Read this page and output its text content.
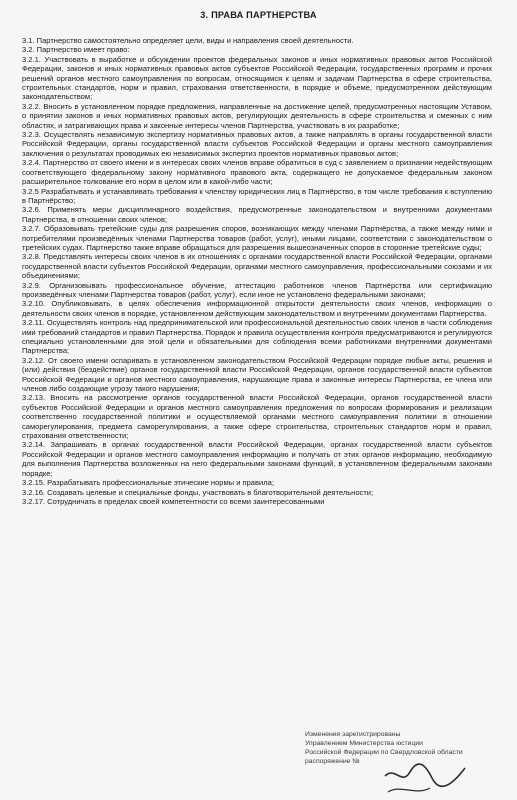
3. ПРАВА ПАРТНЕРСТВА

3.1. Партнерство самостоятельно определяет цели, виды и направления своей деятельности.

3.2. Партнерство имеет право:

3.2.1. Участвовать в выработке и обсуждении проектов федеральных законов и иных нормативных правовых актов Российской Федерации, законов и иных нормативных правовых актов субъектов Российской Федерации, государственных программ и прочих решений органов местного самоуправления по вопросам, относящимся к целям и задачам Партнерства в сфере строительства, строительных стандартов, норм и правил, страхования ответственности, в порядке и объеме, предусмотренном действующим законодательством;

3.2.2. Вносить в установленном порядке предложения, направленные на достижение целей, предусмотренных настоящим Уставом, о принятии законов и иных нормативных правовых актов, регулирующих деятельность в сфере строительства и смежных с ним областях, и затрагивающих права и законные интересы членов Партнерства, участвовать в их разработке;

3.2.3. Осуществлять независимую экспертизу нормативных правовых актов, а также направлять в органы государственной власти Российской Федерации, органы государственной власти субъектов Российской Федерации и органы местного самоуправления заключения о результатах проводимых ею независимых экспертиз проектов нормативных правовых актов;

3.2.4. Партнерство от своего имени и в интересах своих членов вправе обратиться в суд с заявлением о признании недействующим соответствующего федеральному закону нормативного правового акта, содержащего не допускаемое федеральным законом расширительное толкование его норм в целом или в какой-либо части;

3.2.5 Разрабатывать и устанавливать требования к членству юридических лиц в Партнёрство, в том числе требования к вступлению в Партнёрство;

3.2.6. Применять меры дисциплинарного воздействия, предусмотренные законодательством и внутренними документами Партнерства, в отношении своих членов;

3.2.7. Образовывать третейские суды для разрешения споров, возникающих между членами Партнёрства, а также между ними и потребителями произведённых членами Партнерства товаров (работ, услуг), иными лицами, соответствии с законодательством о третейских судах. Партнерство также вправе обращаться для разрешения вышеозначенных споров в сторонние третейские суды;

3.2.8. Представлять интересы своих членов в их отношениях с органами государственной власти Российской Федерации, органами государственной власти субъектов Российской Федерации, органами местного самоуправления, профессиональными союзами и их объединениями;

3.2.9. Организовывать профессиональное обучение, аттестацию работников членов Партнёрства или сертификацию произведённых членами Партнерства товаров (работ, услуг), если иное не установлено федеральными законами;

3.2.10. Опубликовывать, в целях обеспечения информационной открытости деятельности своих членов, информацию о деятельности своих членов в порядке, установленном действующим законодательством и внутренними документами Партнерства.

3.2.11. Осуществлять контроль над предпринимательской или профессиональной деятельностью своих членов в части соблюдения ими требований стандартов и правил Партнерства. Порядок и правила осуществления контроля предусматриваются и регулируются специально установленными для этой цели и обязательными для соблюдения всеми работниками внутренними документами Партнерства;

3.2.12. От своего имени оспаривать в установленном законодательством Российской Федерации порядке любые акты, решения и (или) действия (бездействие) органов государственной власти Российской Федерации, органов государственной власти субъектов Российской Федерации и органов местного самоуправления, нарушающие права и законные интересы Партнерства, ее члена или членов либо создающие угрозу такого нарушения;

3.2.13. Вносить на рассмотрение органов государственной власти Российской Федерации, органов государственной власти субъектов Российской Федерации и органов местного самоуправления предложения по вопросам формирования и реализации соответственно государственной политики и осуществляемой органами местного самоуправления политики в отношении саморегулирования, предмета саморегулирования, а также сфере строительства, строительных стандартов норм и правил, страхования ответственности;

3.2.14. Запрашивать в органах государственной власти Российской Федерации, органах государственной власти субъектов Российской Федерации и органов местного самоуправления информацию и получать от этих органов информацию, необходимую для выполнения Партнерства возложенных на него федеральными законами функций, в установленном федеральными законами порядке;

3.2.15. Разрабатывать профессиональные этические нормы и правила;

3.2.16. Создавать целевые и специальные фонды, участвовать в благотворительной деятельности;

3.2.17. Сотрудничать в пределах своей компетентности со всеми заинтересованными

Изменения зарегистрированы
Управлением Министерства юстиции
Российской Федерации по Свердловской области
распоряжение №
